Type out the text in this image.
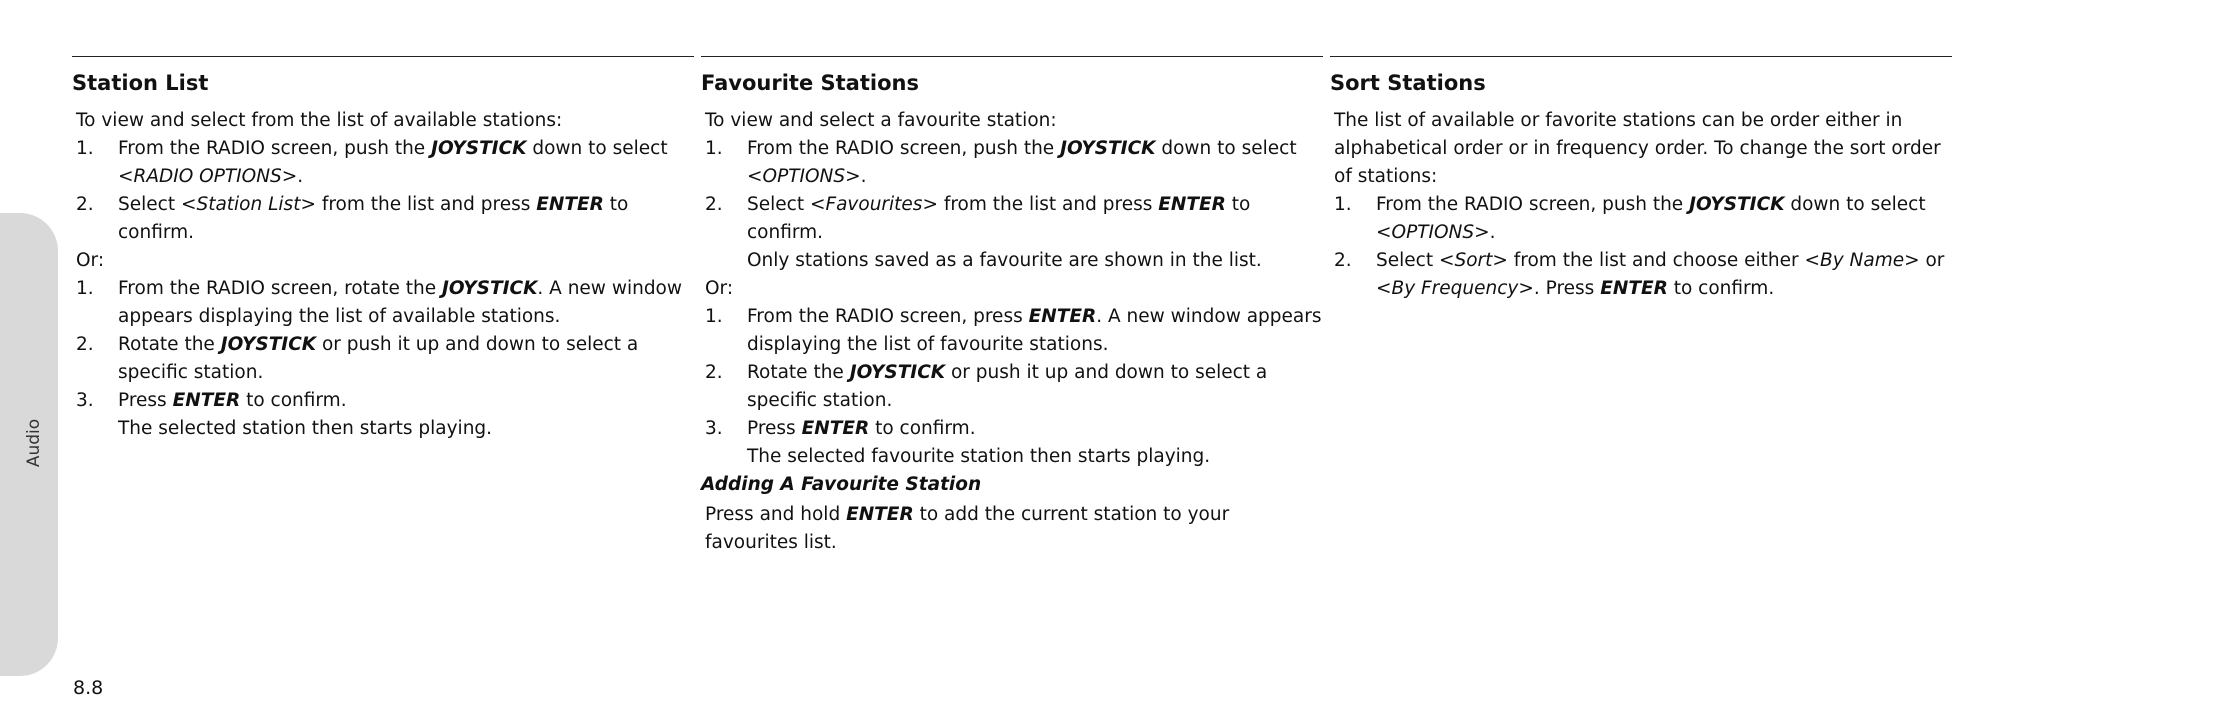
Audio
8.8
Station List

To view and select from the list of available stations:

1.	From the RADIO screen, push the JOYSTICK down to select <RADIO OPTIONS>.
2.	Select <Station List> from the list and press ENTER to confirm.

Or:

1.	From the RADIO screen, rotate the JOYSTICK. A new window appears displaying the list of available stations.
2.	Rotate the JOYSTICK or push it up and down to select a specific station.
3.	Press ENTER to confirm.

The selected station then starts playing.

Favourite Stations

To view and select a favourite station:

1.	From the RADIO screen, push the JOYSTICK down to select <OPTIONS>.
2.	Select <Favourites> from the list and press ENTER to confirm.

Only stations saved as a favourite are shown in the list.

Or:

1.	From the RADIO screen, press ENTER. A new window appears displaying the list of favourite stations.
2.	Rotate the JOYSTICK or push it up and down to select a specific station.
3.	Press ENTER to confirm.

The selected favourite station then starts playing.

Adding A Favourite Station

Press and hold ENTER to add the current station to your favourites list.

Sort Stations

The list of available or favorite stations can be order either in alphabetical order or in frequency order. To change the sort order of stations:

1.	From the RADIO screen, push the JOYSTICK down to select <OPTIONS>.
2.	Select <Sort> from the list and choose either <By Name> or <By Frequency>. Press ENTER to confirm.
